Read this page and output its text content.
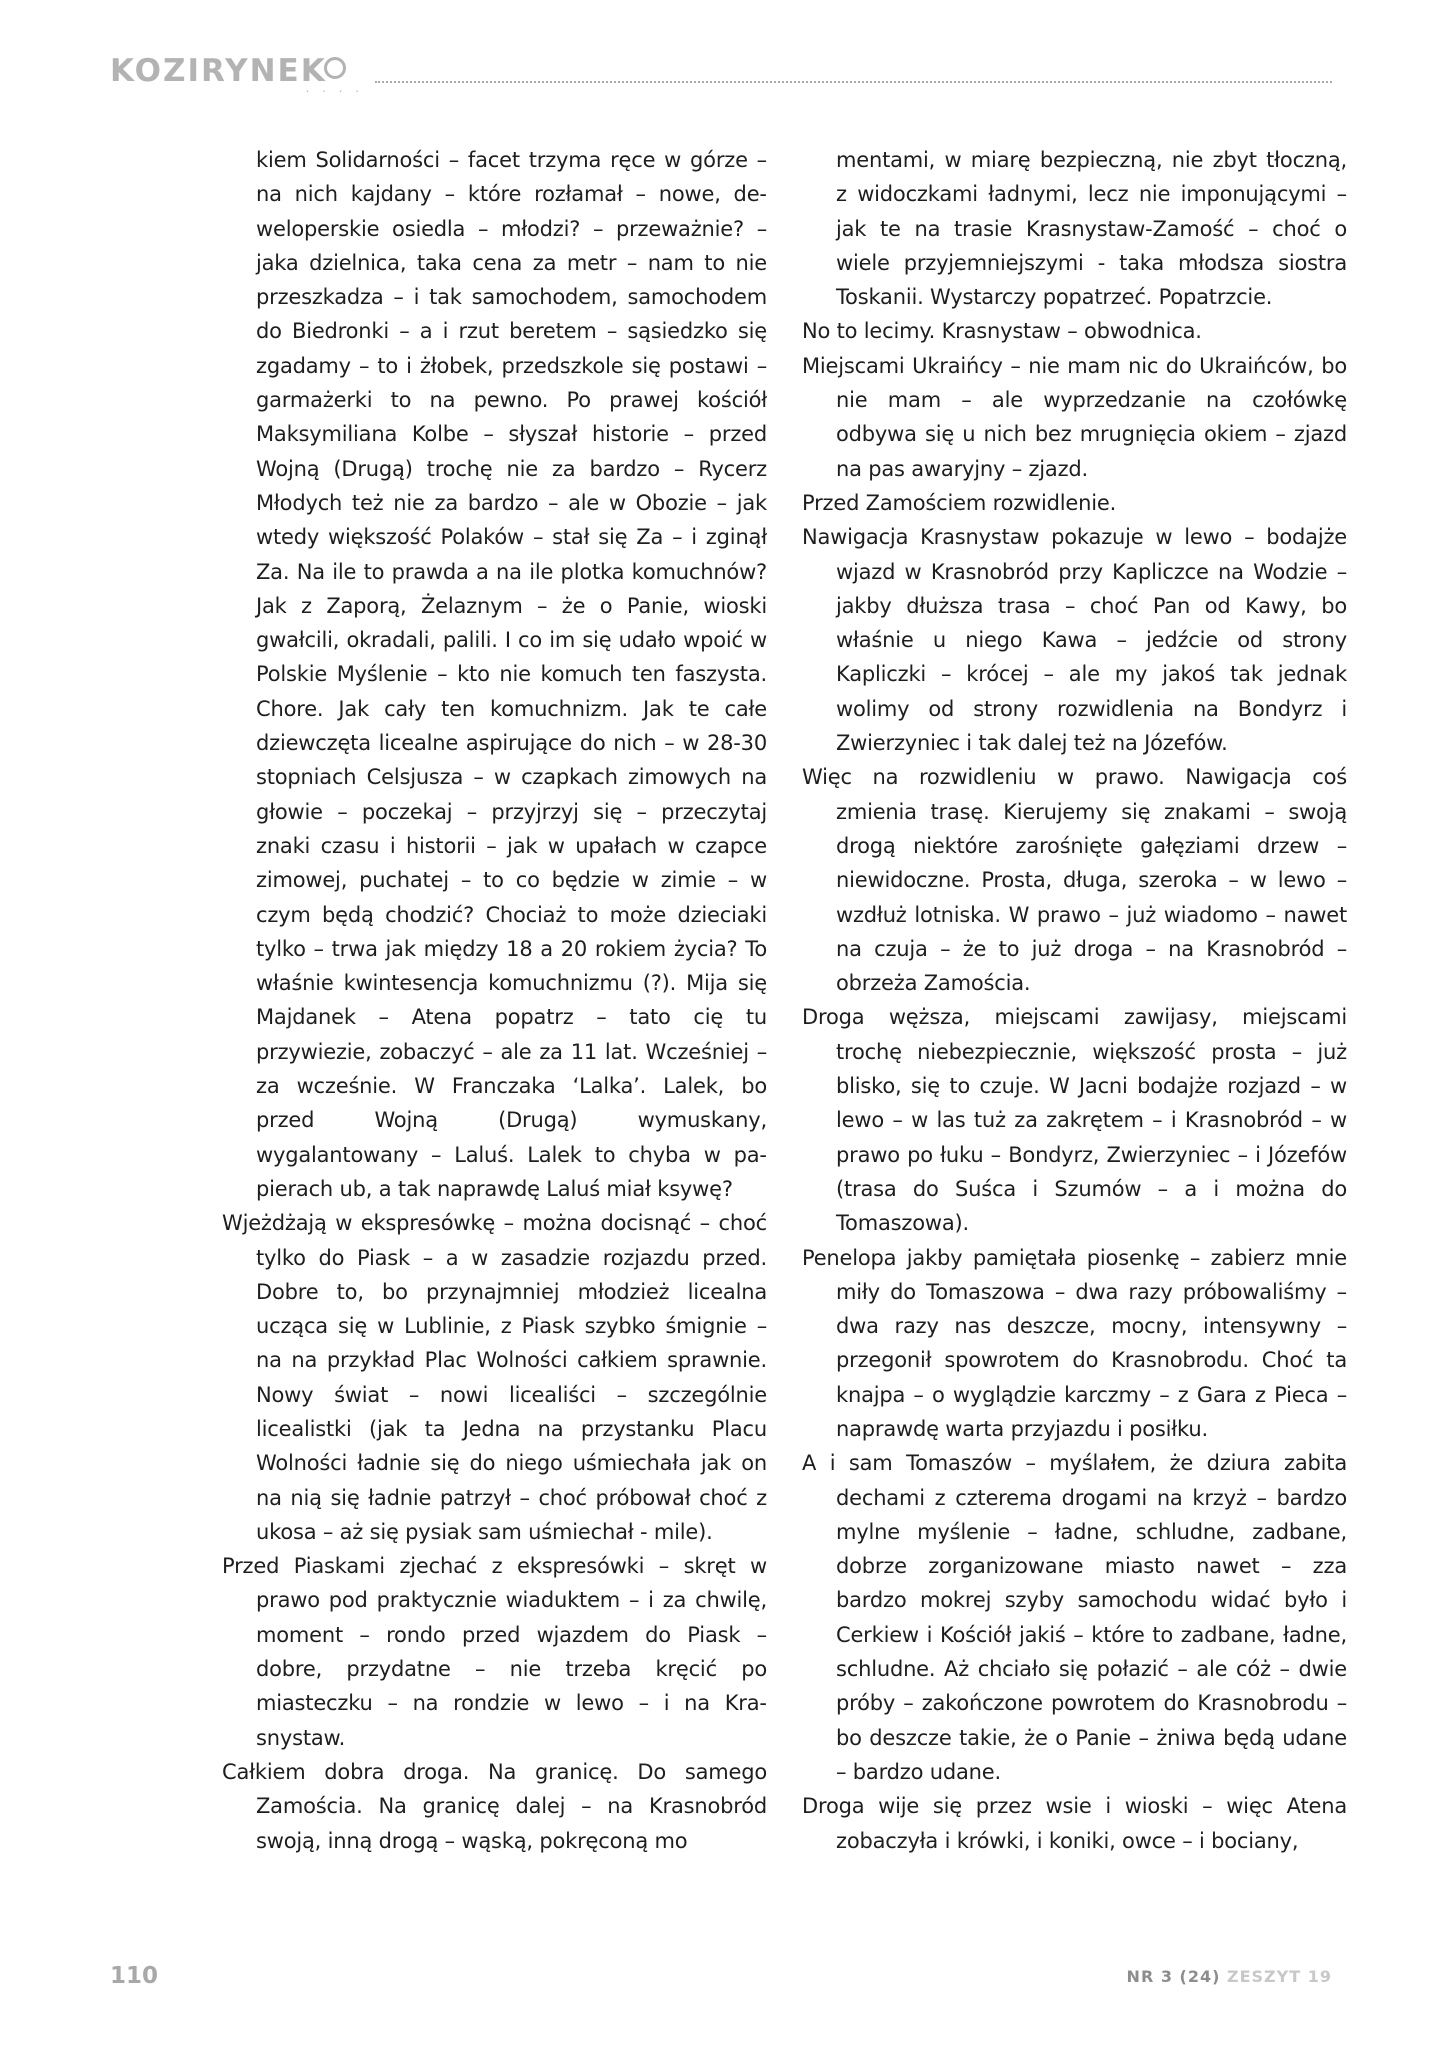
KOZIRYNEK
• • • •

kiem Solidarności – facet trzyma ręce w górze – na nich kajdany – które rozłamał – nowe, deweloperskie osiedla – młodzi? – przeważnie? – jaka dzielnica, taka cena za metr – nam to nie przeszkadza – i tak samochodem, samochodem do Biedronki – a i rzut beretem – sąsiedzko się zgadamy – to i żłobek, przedszkole się postawi – garmażerki to na pewno. Po prawej kościół Maksymiliana Kolbe – słyszał historie – przed Wojną (Drugą) trochę nie za bardzo – Rycerz Młodych też nie za bardzo – ale w Obozie – jak wtedy większość Polaków – stał się Za – i zginął Za. Na ile to prawda a na ile plotka komuchnów? Jak z Zaporą, Żelaznym – że o Panie, wioski gwałcili, okradali, palili. I co im się udało wpoić w Polskie Myślenie – kto nie komuch ten faszysta. Chore. Jak cały ten komuchnizm. Jak te całe dziewczęta licealne aspirujące do nich – w 28-30 stopniach Celsjusza – w czapkach zimowych na głowie – poczekaj – przyjrzyj się – przeczytaj znaki czasu i historii – jak w upałach w czapce zimowej, puchatej – to co będzie w zimie – w czym będą chodzić? Chociaż to może dzieciaki tylko – trwa jak między 18 a 20 rokiem życia? To właśnie kwintesencja komuchnizmu (?). Mija się Majdanek – Atena popatrz – tato cię tu przywiezie, zobaczyć – ale za 11 lat. Wcześniej – za wcześnie. W Franczaka ‘Lalka’. Lalek, bo przed Wojną (Drugą) wymuskany, wygalantowany – Laluś. Lalek to chyba w papierach ub, a tak naprawdę Laluś miał ksywę?

Wjeżdżają w ekspresówkę – można docisnąć – choć tylko do Piask – a w zasadzie rozjazdu przed. Dobre to, bo przynajmniej młodzież licealna ucząca się w Lublinie, z Piask szybko śmignie – na na przykład Plac Wolności całkiem sprawnie. Nowy świat – nowi licealiści – szczególnie licealistki (jak ta Jedna na przystanku Placu Wolności ładnie się do niego uśmiechała jak on na nią się ładnie patrzył – choć próbował choć z ukosa – aż się pysiak sam uśmiechał - mile).

Przed Piaskami zjechać z ekspresówki – skręt w prawo pod praktycznie wiaduktem – i za chwilę, moment – rondo przed wjazdem do Piask – dobre, przydatne – nie trzeba kręcić po miasteczku – na rondzie w lewo – i na Krasnystaw.

Całkiem dobra droga. Na granicę. Do samego Zamościa. Na granicę dalej – na Krasnobród swoją, inną drogą – wąską, pokręconą mo

mentami, w miarę bezpieczną, nie zbyt tłoczną, z widoczkami ładnymi, lecz nie imponującymi – jak te na trasie Krasnystaw-Zamość – choć o wiele przyjemniejszymi - taka młodsza siostra Toskanii. Wystarczy popatrzeć. Popatrzcie.

No to lecimy. Krasnystaw – obwodnica.

Miejscami Ukraińcy – nie mam nic do Ukraińców, bo nie mam – ale wyprzedzanie na czołówkę odbywa się u nich bez mrugnięcia okiem – zjazd na pas awaryjny – zjazd.

Przed Zamościem rozwidlenie.

Nawigacja Krasnystaw pokazuje w lewo – bodajże wjazd w Krasnobród przy Kapliczce na Wodzie – jakby dłuższa trasa – choć Pan od Kawy, bo właśnie u niego Kawa – jedźcie od strony Kapliczki – krócej – ale my jakoś tak jednak wolimy od strony rozwidlenia na Bondyrz i Zwierzyniec i tak dalej też na Józefów.

Więc na rozwidleniu w prawo. Nawigacja coś zmienia trasę. Kierujemy się znakami – swoją drogą niektóre zarośnięte gałęziami drzew – niewidoczne. Prosta, długa, szeroka – w lewo – wzdłuż lotniska. W prawo – już wiadomo – nawet na czuja – że to już droga – na Krasnobród – obrzeża Zamościa.

Droga węższa, miejscami zawijasy, miejscami trochę niebezpiecznie, większość prosta – już blisko, się to czuje. W Jacni bodajże rozjazd – w lewo – w las tuż za zakrętem – i Krasnobród – w prawo po łuku – Bondyrz, Zwierzyniec – i Józefów (trasa do Suśca i Szumów – a i można do Tomaszowa).

Penelopa jakby pamiętała piosenkę – zabierz mnie miły do Tomaszowa – dwa razy próbowaliśmy – dwa razy nas deszcze, mocny, intensywny – przegonił spowrotem do Krasnobrodu. Choć ta knajpa – o wyglądzie karczmy – z Gara z Pieca – naprawdę warta przyjazdu i posiłku.

A i sam Tomaszów – myślałem, że dziura zabita dechami z czterema drogami na krzyż – bardzo mylne myślenie – ładne, schludne, zadbane, dobrze zorganizowane miasto nawet – zza bardzo mokrej szyby samochodu widać było i Cerkiew i Kościół jakiś – które to zadbane, ładne, schludne. Aż chciało się połazić – ale cóż – dwie próby – zakończone powrotem do Krasnobrodu – bo deszcze takie, że o Panie – żniwa będą udane – bardzo udane.

Droga wije się przez wsie i wioski – więc Atena zobaczyła i krówki, i koniki, owce – i bociany,

110	NR 3 (24) ZESZYT 19
